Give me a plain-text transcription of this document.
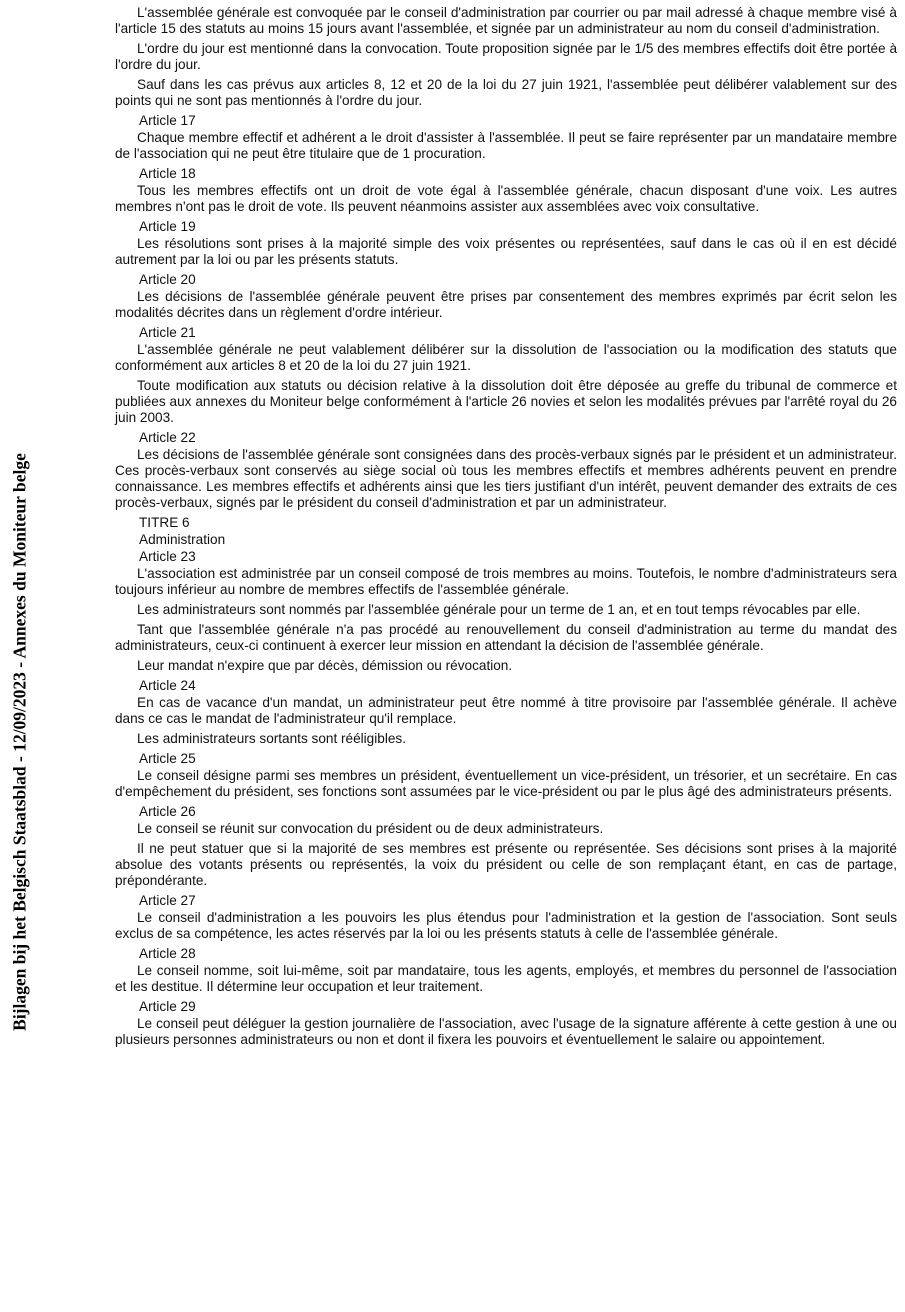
Bijlagen bij het Belgisch Staatsblad - 12/09/2023 - Annexes du Moniteur belge

L'assemblée générale est convoquée par le conseil d'administration par courrier ou par mail adressé à chaque membre visé à l'article 15 des statuts au moins 15 jours avant l'assemblée, et signée par un administrateur au nom du conseil d'administration.

L'ordre du jour est mentionné dans la convocation. Toute proposition signée par le 1/5 des membres effectifs doit être portée à l'ordre du jour.

Sauf dans les cas prévus aux articles 8, 12 et 20 de la loi du 27 juin 1921, l'assemblée peut délibérer valablement sur des points qui ne sont pas mentionnés à l'ordre du jour.

Article 17

Chaque membre effectif et adhérent a le droit d'assister à l'assemblée. Il peut se faire représenter par un mandataire membre de l'association qui ne peut être titulaire que de 1 procuration.

Article 18

Tous les membres effectifs ont un droit de vote égal à l'assemblée générale, chacun disposant d'une voix. Les autres membres n'ont pas le droit de vote. Ils peuvent néanmoins assister aux assemblées avec voix consultative.

Article 19

Les résolutions sont prises à la majorité simple des voix présentes ou représentées, sauf dans le cas où il en est décidé autrement par la loi ou par les présents statuts.

Article 20

Les décisions de l'assemblée générale peuvent être prises par consentement des membres exprimés par écrit selon les modalités décrites dans un règlement d'ordre intérieur.

Article 21

L'assemblée générale ne peut valablement délibérer sur la dissolution de l'association ou la modification des statuts que conformément aux articles 8 et 20 de la loi du 27 juin 1921.

Toute modification aux statuts ou décision relative à la dissolution doit être déposée au greffe du tribunal de commerce et publiées aux annexes du Moniteur belge conformément à l'article 26 novies et selon les modalités prévues par l'arrêté royal du 26 juin 2003.

Article 22

Les décisions de l'assemblée générale sont consignées dans des procès-verbaux signés par le président et un administrateur. Ces procès-verbaux sont conservés au siège social où tous les membres effectifs et membres adhérents peuvent en prendre connaissance. Les membres effectifs et adhérents ainsi que les tiers justifiant d'un intérêt, peuvent demander des extraits de ces procès-verbaux, signés par le président du conseil d'administration et par un administrateur.

TITRE 6
Administration
Article 23

L'association est administrée par un conseil composé de trois membres au moins. Toutefois, le nombre d'administrateurs sera toujours inférieur au nombre de membres effectifs de l'assemblée générale.

Les administrateurs sont nommés par l'assemblée générale pour un terme de 1 an, et en tout temps révocables par elle.

Tant que l'assemblée générale n'a pas procédé au renouvellement du conseil d'administration au terme du mandat des administrateurs, ceux-ci continuent à exercer leur mission en attendant la décision de l'assemblée générale.

Leur mandat n'expire que par décès, démission ou révocation.

Article 24

En cas de vacance d'un mandat, un administrateur peut être nommé à titre provisoire par l'assemblée générale. Il achève dans ce cas le mandat de l'administrateur qu'il remplace.

Les administrateurs sortants sont rééligibles.

Article 25

Le conseil désigne parmi ses membres un président, éventuellement un vice-président, un trésorier, et un secrétaire. En cas d'empêchement du président, ses fonctions sont assumées par le vice-président ou par le plus âgé des administrateurs présents.

Article 26

Le conseil se réunit sur convocation du président ou de deux administrateurs.

Il ne peut statuer que si la majorité de ses membres est présente ou représentée. Ses décisions sont prises à la majorité absolue des votants présents ou représentés, la voix du président ou celle de son remplaçant étant, en cas de partage, prépondérante.

Article 27

Le conseil d'administration a les pouvoirs les plus étendus pour l'administration et la gestion de l'association. Sont seuls exclus de sa compétence, les actes réservés par la loi ou les présents statuts à celle de l'assemblée générale.

Article 28

Le conseil nomme, soit lui-même, soit par mandataire, tous les agents, employés, et membres du personnel de l'association et les destitue. Il détermine leur occupation et leur traitement.

Article 29

Le conseil peut déléguer la gestion journalière de l'association, avec l'usage de la signature afférente à cette gestion à une ou plusieurs personnes administrateurs ou non et dont il fixera les pouvoirs et éventuellement le salaire ou appointement.
